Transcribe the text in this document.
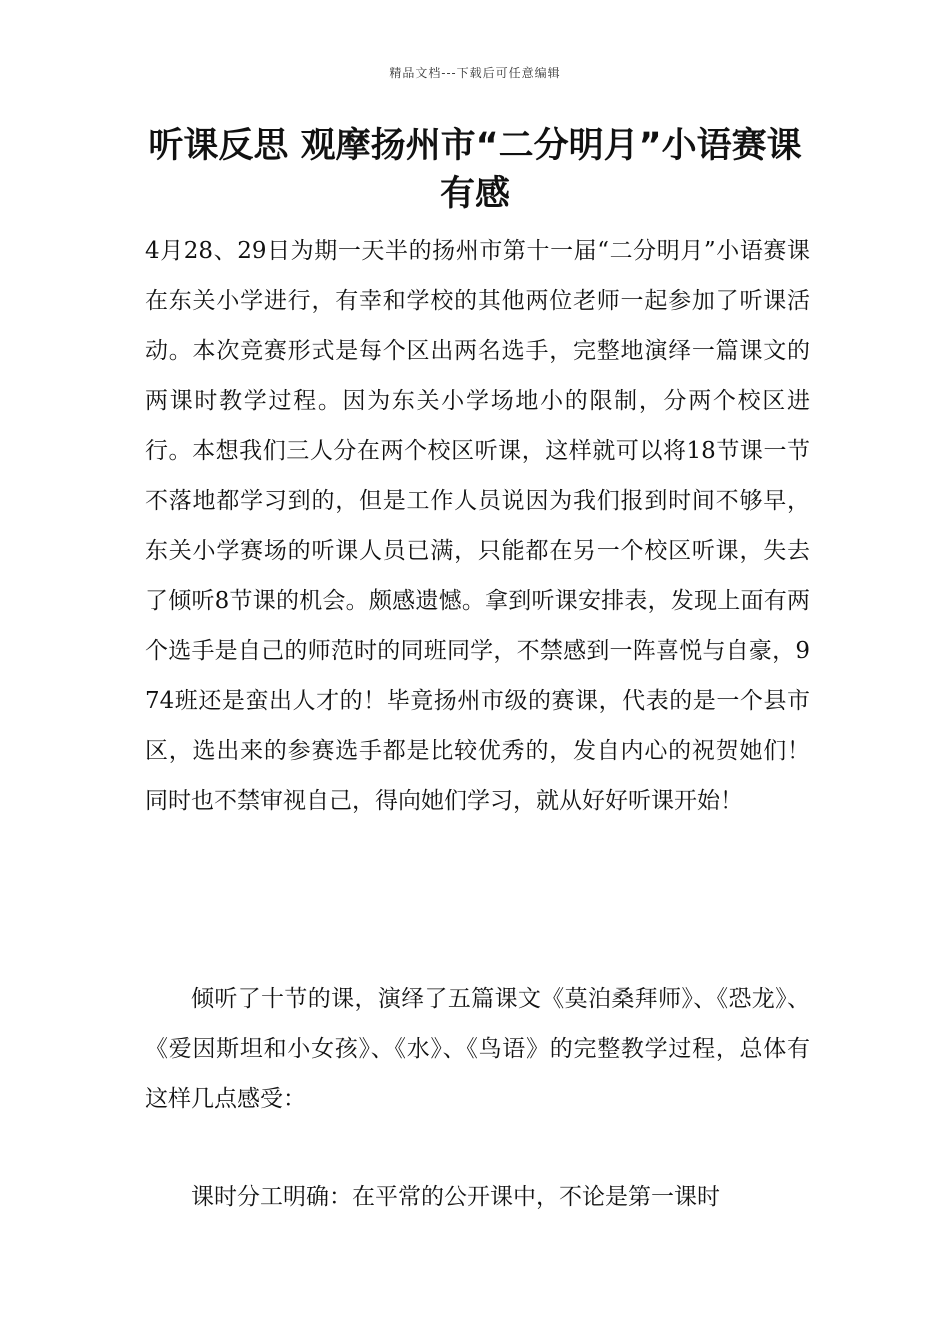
精品文档---下载后可任意编辑
听课反思 观摩扬州市“二分明月”小语赛课有感

4月28、29日为期一天半的扬州市第十一届“二分明月”小语赛课在东关小学进行，有幸和学校的其他两位老师一起参加了听课活动。本次竞赛形式是每个区出两名选手，完整地演绎一篇课文的两课时教学过程。因为东关小学场地小的限制，分两个校区进行。本想我们三人分在两个校区听课，这样就可以将18节课一节不落地都学习到的，但是工作人员说因为我们报到时间不够早，东关小学赛场的听课人员已满，只能都在另一个校区听课，失去了倾听8节课的机会。颇感遗憾。拿到听课安排表，发现上面有两个选手是自己的师范时的同班同学，不禁感到一阵喜悦与自豪，974班还是蛮出人才的！毕竟扬州市级的赛课，代表的是一个县市区，选出来的参赛选手都是比较优秀的，发自内心的祝贺她们！同时也不禁审视自己，得向她们学习，就从好好听课开始！

倾听了十节的课，演绎了五篇课文《莫泊桑拜师》、《恐龙》、《爱因斯坦和小女孩》、《水》、《鸟语》的完整教学过程，总体有这样几点感受：

课时分工明确：在平常的公开课中，不论是第一课时
